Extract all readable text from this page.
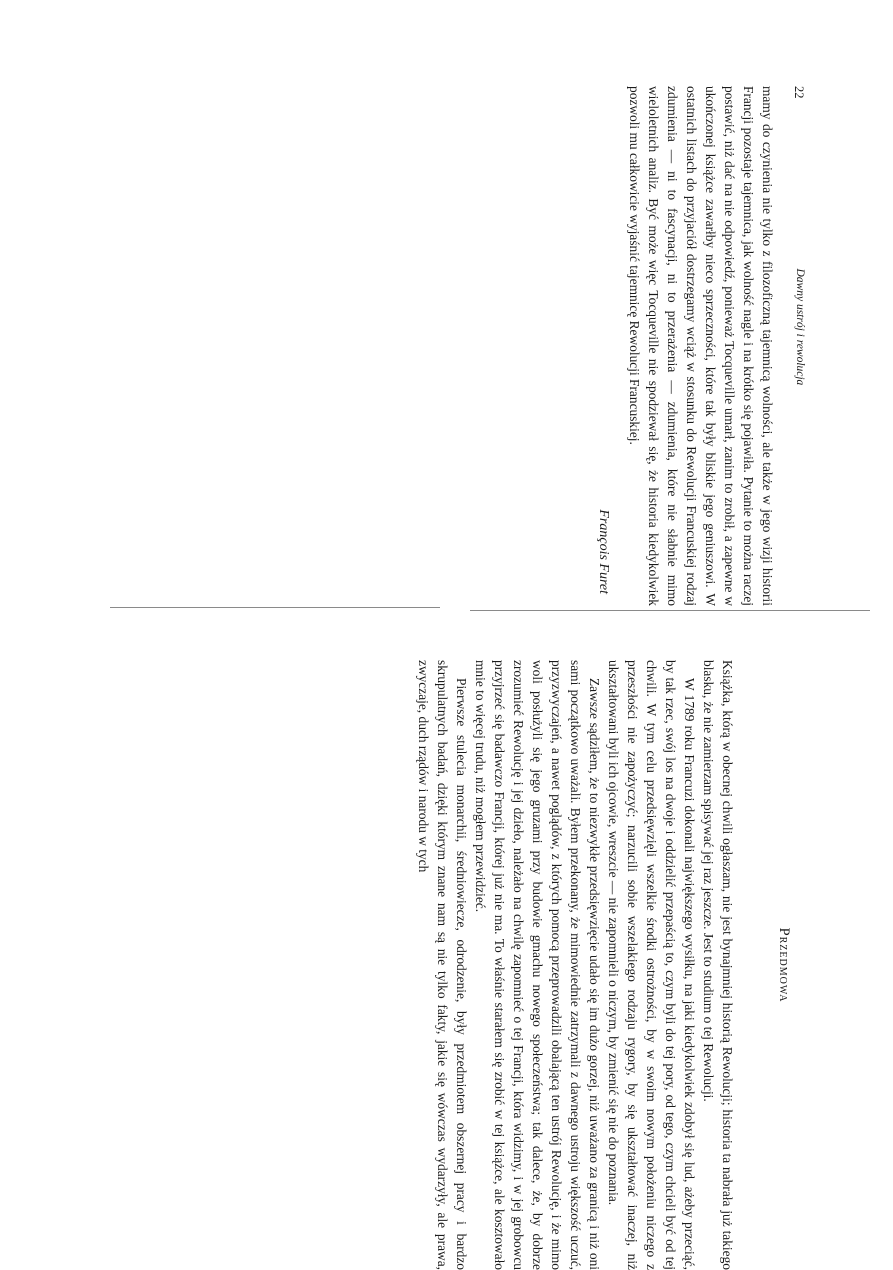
22
Dawny ustrój i rewolucja

mamy do czynienia nie tylko z filozoficzną tajemnicą wolności, ale także w jego wizji historii Francji pozostaje tajemnica, jak wolność nagle i na krótko się pojawiła. Pytanie to można raczej postawić, niż dać na nie odpowiedź, ponieważ Tocqueville umarł, zanim to zrobił, a zapewne w ukończonej książce zawarłby nieco sprzeczności, które tak były bliskie jego geniuszowi. W ostatnich listach do przyjaciół dostrzegamy wciąż w stosunku do Rewolucji Francuskiej rodzaj zdumienia — ni to fascynacji, ni to przerażenia — zdumienia, które nie słabnie mimo wieloletnich analiz. Być może więc Tocqueville nie spodziewał się, że historia kiedykolwiek pozwoli mu całkowicie wyjaśnić tajemnicę Rewolucji Francuskiej.

François Furet
Przedmowa

Książka, którą w obecnej chwili ogłaszam, nie jest bynajmniej historią Rewolucji; historia ta nabrała już takiego blasku, że nie zamierzam spisywać jej raz jeszcze. Jest to studium o tej Rewolucji.

W 1789 roku Francuzi dokonali największego wysiłku, na jaki kiedykolwiek zdobył się lud, ażeby przeciąć, by tak rzec, swój los na dwoje i oddzielić przepaścią to, czym byli do tej pory, od tego, czym chcieli być od tej chwili. W tym celu przedsięwzięli wszelkie środki ostrożności, by w swoim nowym położeniu niczego z przeszłości nie zapożyczyć; narzucili sobie wszelakiego rodzaju rygory, by się ukształtować inaczej, niż ukształtowani byli ich ojcowie, wreszcie — nie zapomnieli o niczym, by zmienić się nie do poznania.

Zawsze sądziłem, że to niezwykłe przedsięwzięcie udało się im dużo gorzej, niż uważano za granicą i niż oni sami początkowo uważali. Byłem przekonany, że mimowiednie zatrzymali z dawnego ustroju większość uczuć, przyzwyczajeń, a nawet poglądów, z których pomocą przeprowadzili obalającą ten ustrój Rewolucję, i że mimo woli posłużyli się jego gruzami przy budowie gmachu nowego społeczeństwa; tak dalece, że, by dobrze zrozumieć Rewolucję i jej dzieło, należało na chwilę zapomnieć o tej Francji, która widzimy, i w jej grobowcu przyjrzeć się badawczo Francji, której już nie ma. To właśnie starałem się zrobić w tej książce, ale kosztowało mnie to więcej trudu, niż mogłem przewidzieć.

Pierwsze stulecia monarchii, średniowiecze, odrodzenie, były przedmiotem obszernej pracy i bardzo skrupulatnych badań, dzięki którym znane nam są nie tylko fakty, jakie się wówczas wydarzyły, ale prawa, zwyczaje, duch rządów i narodu w tych
